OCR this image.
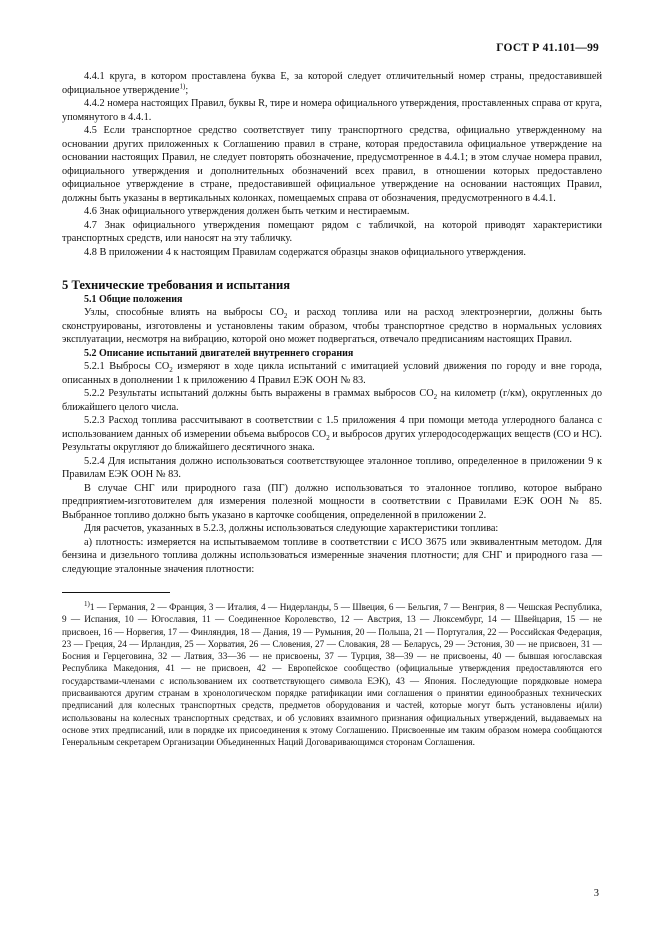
ГОСТ Р 41.101—99

4.4.1 круга, в котором проставлена буква E, за которой следует отличительный номер страны, предоставившей официальное утверждение$^{1)}$;

4.4.2 номера настоящих Правил, буквы R, тире и номера официального утверждения, проставленных справа от круга, упомянутого в 4.4.1.

4.5 Если транспортное средство соответствует типу транспортного средства, официально утвержденному на основании других приложенных к Соглашению правил в стране, которая предоставила официальное утверждение на основании настоящих Правил, не следует повторять обозначение, предусмотренное в 4.4.1; в этом случае номера правил, официального утверждения и дополнительных обозначений всех правил, в отношении которых предоставлено официальное утверждение в стране, предоставившей официальное утверждение на основании настоящих Правил, должны быть указаны в вертикальных колонках, помещаемых справа от обозначения, предусмотренного в 4.4.1.

4.6 Знак официального утверждения должен быть четким и нестираемым.

4.7 Знак официального утверждения помещают рядом с табличкой, на которой приводят характеристики транспортных средств, или наносят на эту табличку.

4.8 В приложении 4 к настоящим Правилам содержатся образцы знаков официального утверждения.

5 Технические требования и испытания

5.1 Общие положения

Узлы, способные влиять на выбросы $CO_2$ и расход топлива или на расход электроэнергии, должны быть сконструированы, изготовлены и установлены таким образом, чтобы транспортное средство в нормальных условиях эксплуатации, несмотря на вибрацию, которой оно может подвергаться, отвечало предписаниям настоящих Правил.

5.2 Описание испытаний двигателей внутреннего сгорания

5.2.1 Выбросы $CO_2$ измеряют в ходе цикла испытаний с имитацией условий движения по городу и вне города, описанных в дополнении 1 к приложению 4 Правил ЕЭК ООН № 83.

5.2.2 Результаты испытаний должны быть выражены в граммах выбросов $CO_2$ на километр (г/км), округленных до ближайшего целого числа.

5.2.3 Расход топлива рассчитывают в соответствии с 1.5 приложения 4 при помощи метода углеродного баланса с использованием данных об измерении объема выбросов $CO_2$ и выбросов других углеродосодержащих веществ (CO и HC). Результаты округляют до ближайшего десятичного знака.

5.2.4 Для испытания должно использоваться соответствующее эталонное топливо, определенное в приложении 9 к Правилам ЕЭК ООН № 83.

В случае СНГ или природного газа (ПГ) должно использоваться то эталонное топливо, которое выбрано предприятием-изготовителем для измерения полезной мощности в соответствии с Правилами ЕЭК ООН № 85. Выбранное топливо должно быть указано в карточке сообщения, определенной в приложении 2.

Для расчетов, указанных в 5.2.3, должны использоваться следующие характеристики топлива:

а) плотность: измеряется на испытываемом топливе в соответствии с ИСО 3675 или эквивалентным методом. Для бензина и дизельного топлива должны использоваться измеренные значения плотности; для СНГ и природного газа — следующие эталонные значения плотности:

$^{1)}$1 — Германия, 2 — Франция, 3 — Италия, 4 — Нидерланды, 5 — Швеция, 6 — Бельгия, 7 — Венгрия, 8 — Чешская Республика, 9 — Испания, 10 — Югославия, 11 — Соединенное Королевство, 12 — Австрия, 13 — Люксембург, 14 — Швейцария, 15 — не присвоен, 16 — Норвегия, 17 — Финляндия, 18 — Дания, 19 — Румыния, 20 — Польша, 21 — Португалия, 22 — Российская Федерация, 23 — Греция, 24 — Ирландия, 25 — Хорватия, 26 — Словения, 27 — Словакия, 28 — Беларусь, 29 — Эстония, 30 — не присвоен, 31 — Босния и Герцеговина, 32 — Латвия, 33—36 — не присвоены, 37 — Турция, 38—39 — не присвоены, 40 — бывшая югославская Республика Македония, 41 — не присвоен, 42 — Европейское сообщество (официальные утверждения предоставляются его государствами-членами с использованием их соответствующего символа ЕЭК), 43 — Япония. Последующие порядковые номера присваиваются другим странам в хронологическом порядке ратификации ими соглашения о принятии единообразных технических предписаний для колесных транспортных средств, предметов оборудования и частей, которые могут быть установлены и(или) использованы на колесных транспортных средствах, и об условиях взаимного признания официальных утверждений, выдаваемых на основе этих предписаний, или в порядке их присоединения к этому Соглашению. Присвоенные им таким образом номера сообщаются Генеральным секретарем Организации Объединенных Наций Договаривающимся сторонам Соглашения.

3
